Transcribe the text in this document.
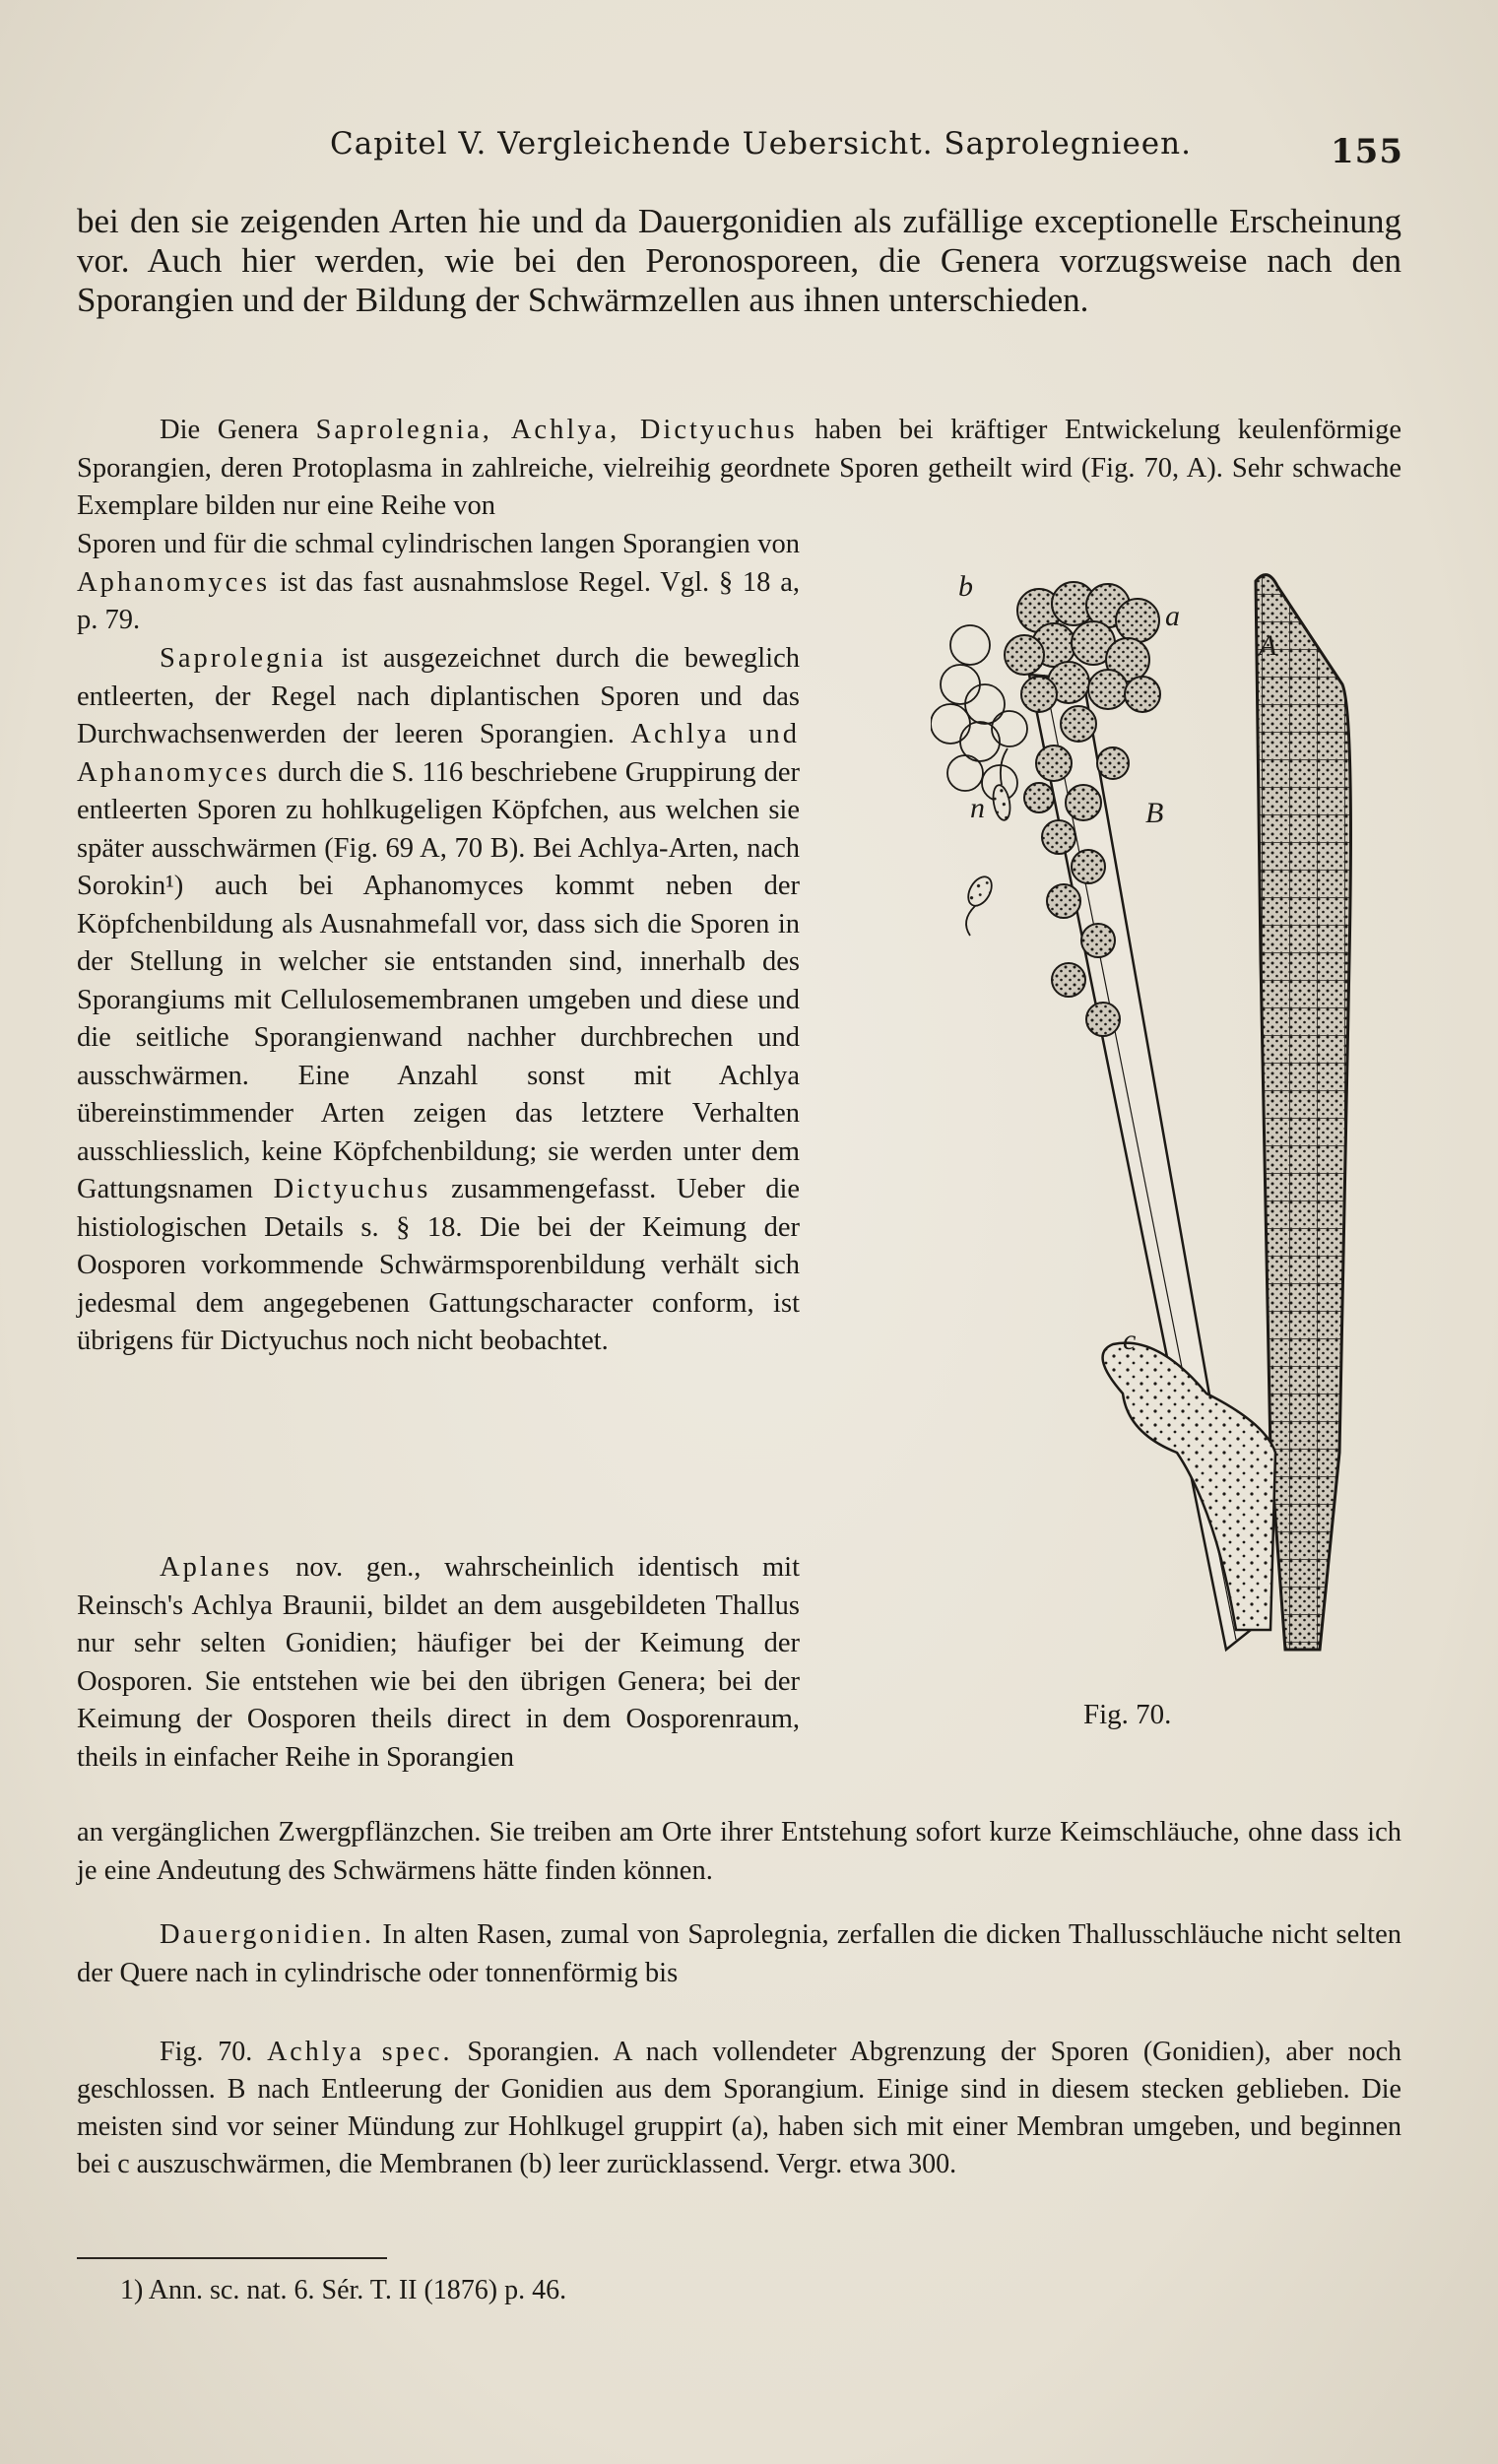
Capitel V. Vergleichende Uebersicht. Saprolegnieen.	155
bei den sie zeigenden Arten hie und da Dauergonidien als zufällige exceptionelle Erscheinung vor. Auch hier werden, wie bei den Peronosporeen, die Genera vorzugsweise nach den Sporangien und der Bildung der Schwärmzellen aus ihnen unterschieden.
Die Genera Saprolegnia, Achlya, Dictyuchus haben bei kräftiger Entwickelung keulenförmige Sporangien, deren Protoplasma in zahlreiche, vielreihig geordnete Sporen getheilt wird (Fig. 70, A). Sehr schwache Exemplare bilden nur eine Reihe von
Sporen und für die schmal cylindrischen langen Sporangien von Aphanomyces ist das fast ausnahmslose Regel. Vgl. § 18 a, p. 79.
Saprolegnia ist ausgezeichnet durch die beweglich entleerten, der Regel nach diplantischen Sporen und das Durchwachsenwerden der leeren Sporangien. Achlya und Aphanomyces durch die S. 116 beschriebene Gruppirung der entleerten Sporen zu hohlkugeligen Köpfchen, aus welchen sie später ausschwärmen (Fig. 69 A, 70 B). Bei Achlya-Arten, nach Sorokin¹) auch bei Aphanomyces kommt neben der Köpfchenbildung als Ausnahmefall vor, dass sich die Sporen in der Stellung in welcher sie entstanden sind, innerhalb des Sporangiums mit Cellulosemembranen umgeben und diese und die seitliche Sporangienwand nachher durchbrechen und ausschwärmen. Eine Anzahl sonst mit Achlya übereinstimmender Arten zeigen das letztere Verhalten ausschliesslich, keine Köpfchenbildung; sie werden unter dem Gattungsnamen Dictyuchus zusammengefasst. Ueber die histiologischen Details s. § 18. Die bei der Keimung der Oosporen vorkommende Schwärmsporenbildung verhält sich jedesmal dem angegebenen Gattungscharacter conform, ist übrigens für Dictyuchus noch nicht beobachtet.
Aplanes nov. gen., wahrscheinlich identisch mit Reinsch's Achlya Braunii, bildet an dem ausgebildeten Thallus nur sehr selten Gonidien; häufiger bei der Keimung der Oosporen. Sie entstehen wie bei den übrigen Genera; bei der Keimung der Oosporen theils direct in dem Oosporenraum, theils in einfacher Reihe in Sporangien
an vergänglichen Zwergpflänzchen. Sie treiben am Orte ihrer Entstehung sofort kurze Keimschläuche, ohne dass ich je eine Andeutung des Schwärmens hätte finden können.
Dauergonidien. In alten Rasen, zumal von Saprolegnia, zerfallen die dicken Thallusschläuche nicht selten der Quere nach in cylindrische oder tonnenförmig bis
b
a
A
B
n
c
Fig. 70.
Fig. 70. Achlya spec. Sporangien. A nach vollendeter Abgrenzung der Sporen (Gonidien), aber noch geschlossen. B nach Entleerung der Gonidien aus dem Sporangium. Einige sind in diesem stecken geblieben. Die meisten sind vor seiner Mündung zur Hohlkugel gruppirt (a), haben sich mit einer Membran umgeben, und beginnen bei c auszuschwärmen, die Membranen (b) leer zurücklassend. Vergr. etwa 300.
1) Ann. sc. nat. 6. Sér. T. II (1876) p. 46.
